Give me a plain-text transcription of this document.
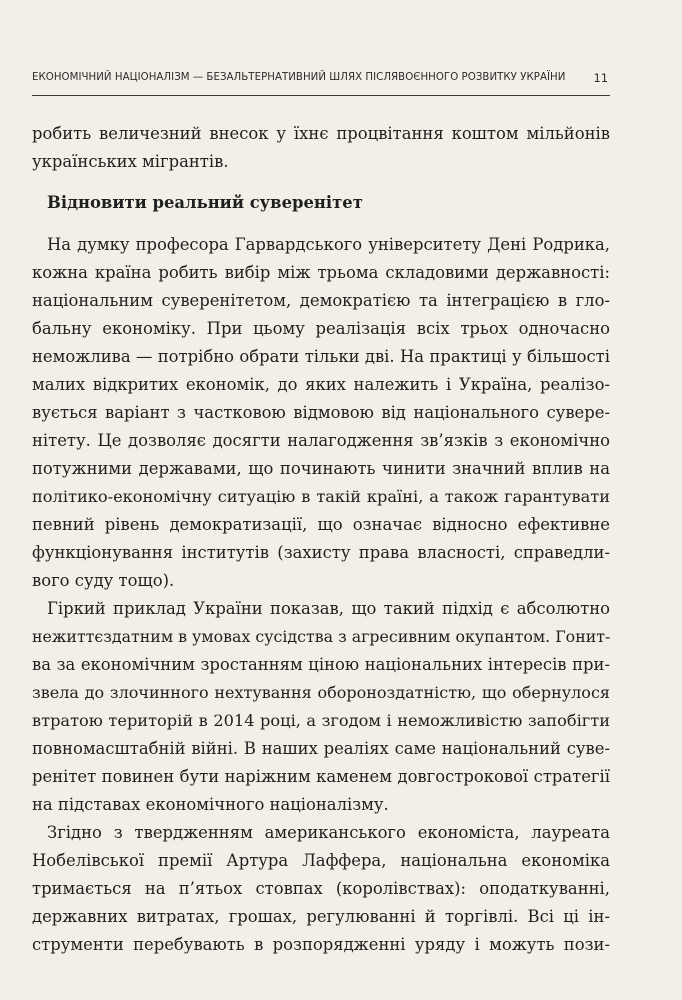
ЕКОНОМІЧНИЙ НАЦІОНАЛІЗМ — БЕЗАЛЬТЕРНАТИВНИЙ ШЛЯХ ПІСЛЯВОЄННОГО РОЗВИТКУ УКРАЇНИ	11
робить величезний внесок у їхнє процвітання коштом мільйонів
українських мігрантів.
Відновити реальний суверенітет
На думку професора Гарвардського університету Дені Родрика,
кожна країна робить вибір між трьома складовими державності:
національним суверенітетом, демократією та інтеграцією в гло-
бальну економіку. При цьому реалізація всіх трьох одночасно
неможлива — потрібно обрати тільки дві. На практиці у більшості
малих відкритих економік, до яких належить і Україна, реалізо-
вується варіант з частковою відмовою від національного сувере-
нітету. Це дозволяє досягти налагодження зв’язків з економічно
потужними державами, що починають чинити значний вплив на
політико-економічну ситуацію в такій країні, а також гарантувати
певний рівень демократизації, що означає відносно ефективне
функціонування інститутів (захисту права власності, справедли-
вого суду тощо).
Гіркий приклад України показав, що такий підхід є абсолютно
нежиттєздатним в умовах сусідства з агресивним окупантом. Гонит-
ва за економічним зростанням ціною національних інтересів при-
звела до злочинного нехтування обороноздатністю, що обернулося
втратою територій в 2014 році, а згодом і неможливістю запобігти
повномасштабній війні. В наших реаліях саме національний суве-
ренітет повинен бути наріжним каменем довгострокової стратегії
на підставах економічного націоналізму.
Згідно з твердженням американського економіста, лауреата
Нобелівської премії Артура Лаффера, національна економіка
тримається на п’ятьох стовпах (королівствах): оподаткуванні,
державних витратах, грошах, регулюванні й торгівлі. Всі ці ін-
струменти перебувають в розпорядженні уряду і можуть пози-
